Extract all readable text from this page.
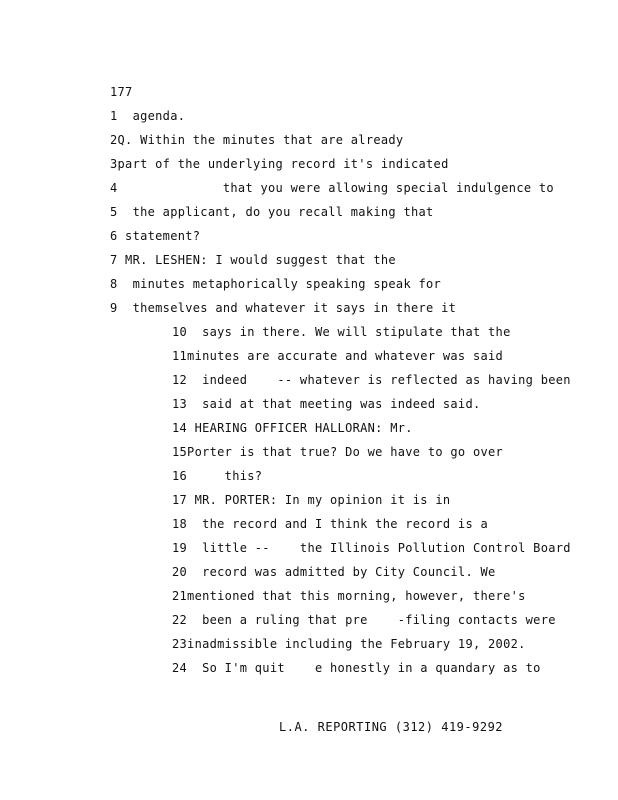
177
1  agenda.
2Q. Within the minutes that are already
3part of the underlying record it's indicated
4              that you were allowing special indulgence to
5  the applicant, do you recall making that
6 statement?
7 MR. LESHEN: I would suggest that the
8  minutes metaphorically speaking speak for
9  themselves and whatever it says in there it
10  says in there. We will stipulate that the
11minutes are accurate and whatever was said
12  indeed    -- whatever is reflected as having been
13  said at that meeting was indeed said.
14 HEARING OFFICER HALLORAN: Mr.
15Porter is that true? Do we have to go over
16     this?
17 MR. PORTER: In my opinion it is in
18  the record and I think the record is a
19  little --    the Illinois Pollution Control Board
20  record was admitted by City Council. We
21mentioned that this morning, however, there's
22  been a ruling that pre    -filing contacts were
23inadmissible including the February 19, 2002.
24  So I'm quit    e honestly in a quandary as to
L.A. REPORTING (312) 419-9292
